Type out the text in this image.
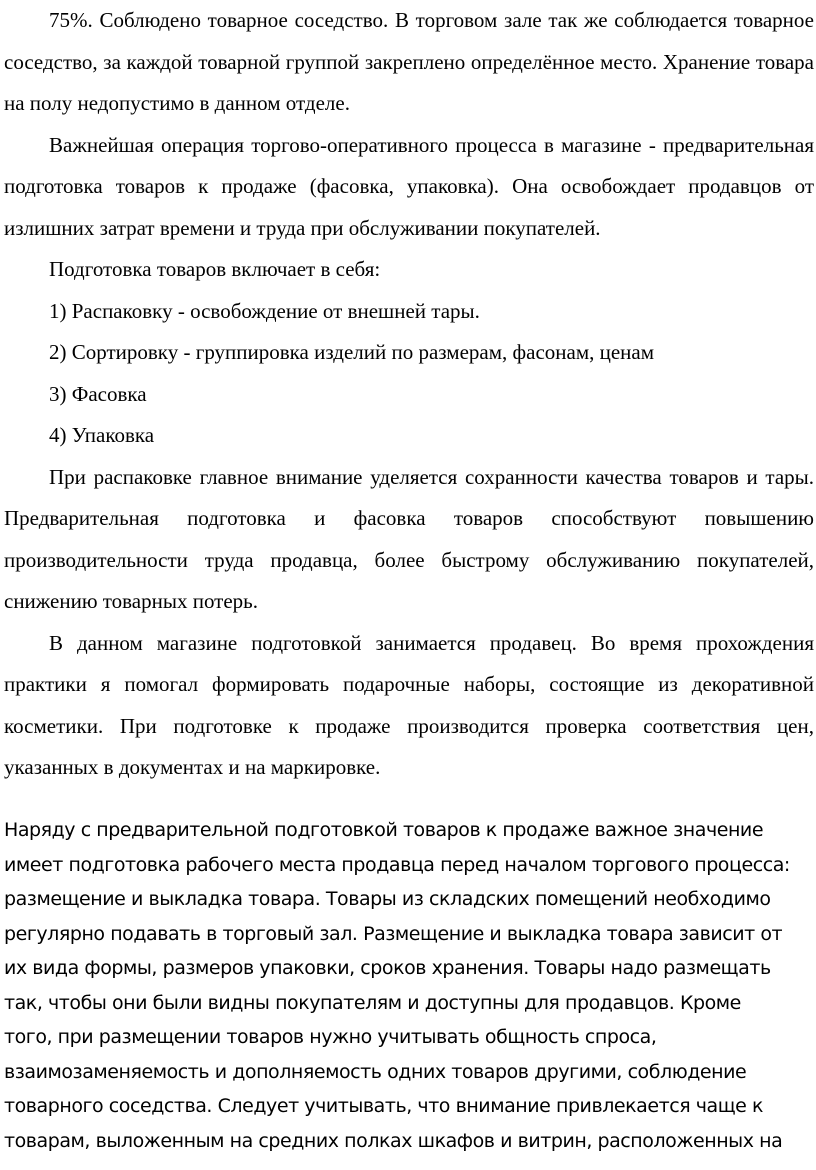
75%. Соблюдено товарное соседство. В торговом зале так же соблюдается товарное соседство, за каждой товарной группой закреплено определённое место. Хранение товара на полу недопустимо в данном отделе.

Важнейшая операция торгово-оперативного процесса в магазине - предварительная подготовка товаров к продаже (фасовка, упаковка). Она освобождает продавцов от излишних затрат времени и труда при обслуживании покупателей.

Подготовка товаров включает в себя:

1) Распаковку - освобождение от внешней тары.

2) Сортировку - группировка изделий по размерам, фасонам, ценам

3) Фасовка

4) Упаковка

При распаковке главное внимание уделяется сохранности качества товаров и тары. Предварительная подготовка и фасовка товаров способствуют повышению производительности труда продавца, более быстрому обслуживанию покупателей, снижению товарных потерь.

В данном магазине подготовкой занимается продавец. Во время прохождения практики я помогал формировать подарочные наборы, состоящие из декоративной косметики. При подготовке к продаже производится проверка соответствия цен, указанных в документах и на маркировке.

Наряду с предварительной подготовкой товаров к продаже важное значение
имеет подготовка рабочего места продавца перед началом торгового процесса:
размещение и выкладка товара. Товары из складских помещений необходимо
регулярно подавать в торговый зал. Размещение и выкладка товара зависит от
их вида формы, размеров упаковки, сроков хранения. Товары надо размещать
так, чтобы они были видны покупателям и доступны для продавцов. Кроме
того, при размещении товаров нужно учитывать общность спроса,
взаимозаменяемость и дополняемость одних товаров другими, соблюдение
товарного соседства. Следует учитывать, что внимание привлекается чаще к
товарам, выложенным на средних полках шкафов и витрин, расположенных на
